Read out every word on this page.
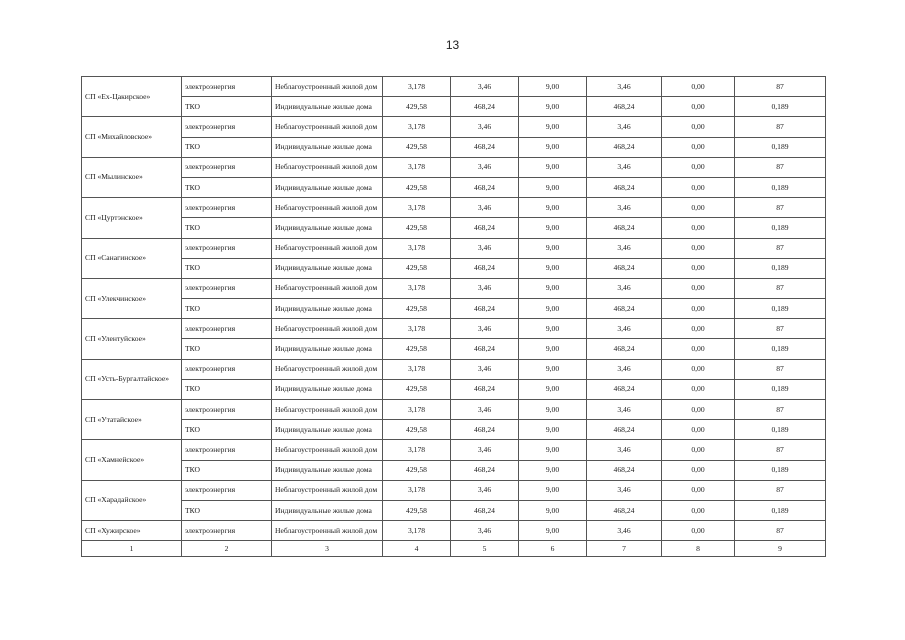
13
СП «Ех-Цакирское»	электроэнергия	Неблагоустроенный жилой дом	3,178	3,46	9,00	3,46	0,00	87
	ТКО	Индивидуальные жилые дома	429,58	468,24	9,00	468,24	0,00	0,189
СП «Михайловское»	электроэнергия	Неблагоустроенный жилой дом	3,178	3,46	9,00	3,46	0,00	87
	ТКО	Индивидуальные жилые дома	429,58	468,24	9,00	468,24	0,00	0,189
СП «Мылинское»	электроэнергия	Неблагоустроенный жилой дом	3,178	3,46	9,00	3,46	0,00	87
	ТКО	Индивидуальные жилые дома	429,58	468,24	9,00	468,24	0,00	0,189
СП «Цуртэнское»	электроэнергия	Неблагоустроенный жилой дом	3,178	3,46	9,00	3,46	0,00	87
	ТКО	Индивидуальные жилые дома	429,58	468,24	9,00	468,24	0,00	0,189
СП «Санагинское»	электроэнергия	Неблагоустроенный жилой дом	3,178	3,46	9,00	3,46	0,00	87
	ТКО	Индивидуальные жилые дома	429,58	468,24	9,00	468,24	0,00	0,189
СП «Улекчинское»	электроэнергия	Неблагоустроенный жилой дом	3,178	3,46	9,00	3,46	0,00	87
	ТКО	Индивидуальные жилые дома	429,58	468,24	9,00	468,24	0,00	0,189
СП «Улентуйское»	электроэнергия	Неблагоустроенный жилой дом	3,178	3,46	9,00	3,46	0,00	87
	ТКО	Индивидуальные жилые дома	429,58	468,24	9,00	468,24	0,00	0,189
СП «Усть-Бургалтайское»	электроэнергия	Неблагоустроенный жилой дом	3,178	3,46	9,00	3,46	0,00	87
	ТКО	Индивидуальные жилые дома	429,58	468,24	9,00	468,24	0,00	0,189
СП «Утатайское»	электроэнергия	Неблагоустроенный жилой дом	3,178	3,46	9,00	3,46	0,00	87
	ТКО	Индивидуальные жилые дома	429,58	468,24	9,00	468,24	0,00	0,189
СП «Хамнейское»	электроэнергия	Неблагоустроенный жилой дом	3,178	3,46	9,00	3,46	0,00	87
	ТКО	Индивидуальные жилые дома	429,58	468,24	9,00	468,24	0,00	0,189
СП «Харадайское»	электроэнергия	Неблагоустроенный жилой дом	3,178	3,46	9,00	3,46	0,00	87
	ТКО	Индивидуальные жилые дома	429,58	468,24	9,00	468,24	0,00	0,189
СП «Хужирское»	электроэнергия	Неблагоустроенный жилой дом	3,178	3,46	9,00	3,46	0,00	87
1	2	3	4	5	6	7	8	9
